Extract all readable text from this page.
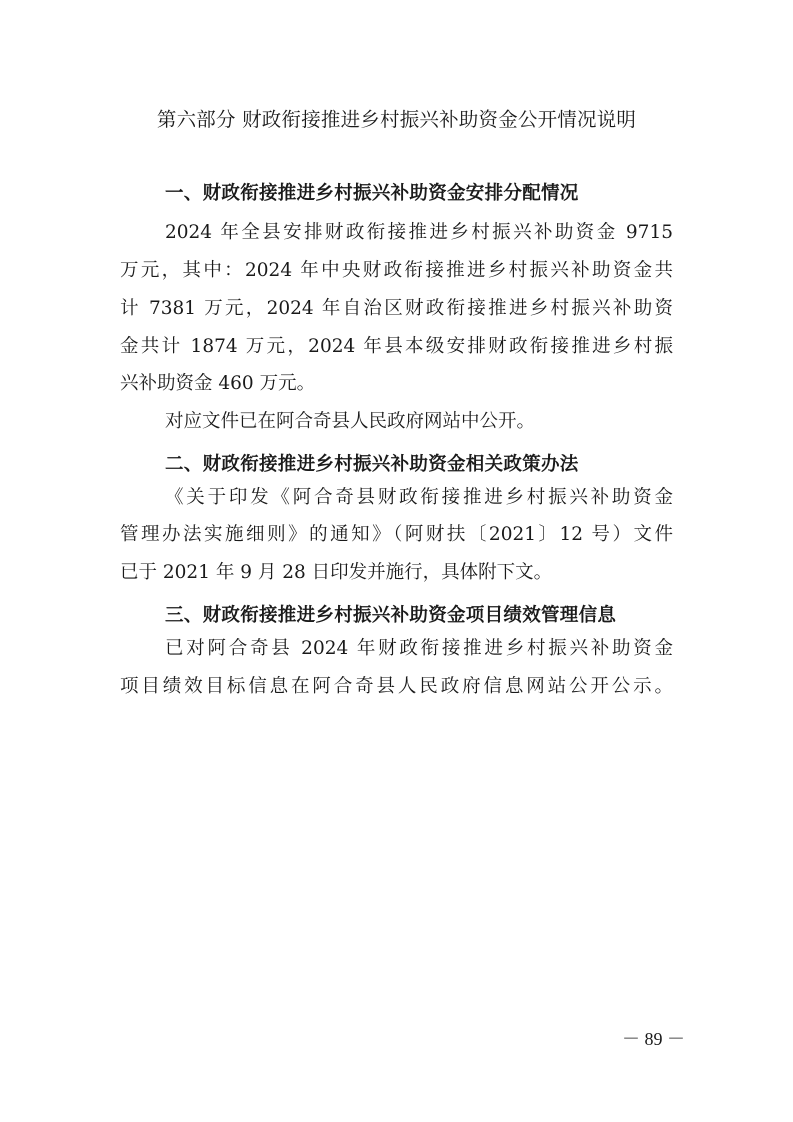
第六部分 财政衔接推进乡村振兴补助资金公开情况说明
一、财政衔接推进乡村振兴补助资金安排分配情况
2024 年全县安排财政衔接推进乡村振兴补助资金 9715
万元，其中：2024 年中央财政衔接推进乡村振兴补助资金共
计 7381 万元，2024 年自治区财政衔接推进乡村振兴补助资
金共计 1874 万元，2024 年县本级安排财政衔接推进乡村振
兴补助资金 460 万元。
对应文件已在阿合奇县人民政府网站中公开。
二、财政衔接推进乡村振兴补助资金相关政策办法
《关于印发《阿合奇县财政衔接推进乡村振兴补助资金
管理办法实施细则》的通知》（阿财扶〔2021〕12 号）文件
已于 2021 年 9 月 28 日印发并施行，具体附下文。
三、财政衔接推进乡村振兴补助资金项目绩效管理信息
已对阿合奇县 2024 年财政衔接推进乡村振兴补助资金
项目绩效目标信息在阿合奇县人民政府信息网站公开公示。
－ 89 －
